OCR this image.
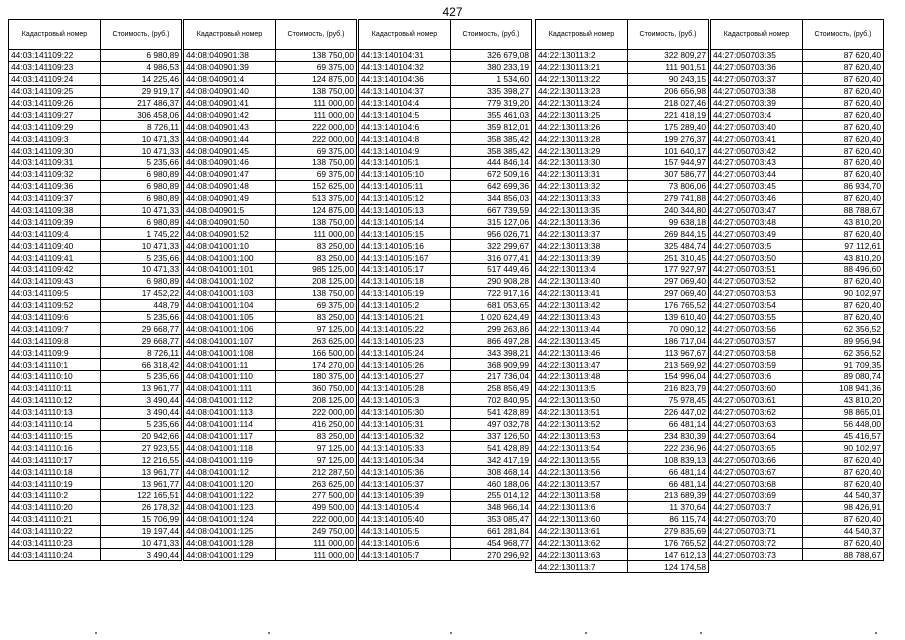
427
Кадастровый номер	Стоимость, (руб.)
44:03:141109:22	6 980,89
44:03:141109:23	4 986,53
44:03:141109:24	14 225,46
44:03:141109:25	29 919,17
44:03:141109:26	217 486,37
44:03:141109:27	306 458,06
44:03:141109:29	8 726,11
44:03:141109:3	10 471,33
44:03:141109:30	10 471,33
44:03:141109:31	5 235,66
44:03:141109:32	6 980,89
44:03:141109:36	6 980,89
44:03:141109:37	6 980,89
44:03:141109:38	10 471,33
44:03:141109:39	6 980,89
44:03:141109:4	1 745,22
44:03:141109:40	10 471,33
44:03:141109:41	5 235,66
44:03:141109:42	10 471,33
44:03:141109:43	6 980,89
44:03:141109:5	17 452,22
44:03:141109:52	448,79
44:03:141109:6	5 235,66
44:03:141109:7	29 668,77
44:03:141109:8	29 668,77
44:03:141109:9	8 726,11
44:03:141110:1	66 318,42
44:03:141110:10	5 235,66
44:03:141110:11	13 961,77
44:03:141110:12	3 490,44
44:03:141110:13	3 490,44
44:03:141110:14	5 235,66
44:03:141110:15	20 942,66
44:03:141110:16	27 923,55
44:03:141110:17	12 216,55
44:03:141110:18	13 961,77
44:03:141110:19	13 961,77
44:03:141110:2	122 165,51
44:03:141110:20	26 178,32
44:03:141110:21	15 706,99
44:03:141110:22	19 197,44
44:03:141110:23	10 471,33
44:03:141110:24	3 490,44
Кадастровый номер	Стоимость, (руб.)
44:08:040901:38	138 750,00
44:08:040901:39	69 375,00
44:08:040901:4	124 875,00
44:08:040901:40	138 750,00
44:08:040901:41	111 000,00
44:08:040901:42	111 000,00
44:08:040901:43	222 000,00
44:08:040901:44	222 000,00
44:08:040901:45	69 375,00
44:08:040901:46	138 750,00
44:08:040901:47	69 375,00
44:08:040901:48	152 625,00
44:08:040901:49	513 375,00
44:08:040901:5	124 875,00
44:08:040901:50	138 750,00
44:08:040901:52	111 000,00
44:08:041001:10	83 250,00
44:08:041001:100	83 250,00
44:08:041001:101	985 125,00
44:08:041001:102	208 125,00
44:08:041001:103	138 750,00
44:08:041001:104	69 375,00
44:08:041001:105	83 250,00
44:08:041001:106	97 125,00
44:08:041001:107	263 625,00
44:08:041001:108	166 500,00
44:08:041001:11	174 270,00
44:08:041001:110	180 375,00
44:08:041001:111	360 750,00
44:08:041001:112	208 125,00
44:08:041001:113	222 000,00
44:08:041001:114	416 250,00
44:08:041001:117	83 250,00
44:08:041001:118	97 125,00
44:08:041001:119	97 125,00
44:08:041001:12	212 287,50
44:08:041001:120	263 625,00
44:08:041001:122	277 500,00
44:08:041001:123	499 500,00
44:08:041001:124	222 000,00
44:08:041001:125	249 750,00
44:08:041001:128	111 000,00
44:08:041001:129	111 000,00
Кадастровый номер	Стоимость, (руб.)
44:13:140104:31	326 679,08
44:13:140104:32	380 233,19
44:13:140104:36	1 534,60
44:13:140104:37	335 398,27
44:13:140104:4	779 319,20
44:13:140104:5	355 461,03
44:13:140104:6	359 812,01
44:13:140104:8	358 385,42
44:13:140104:9	358 385,42
44:13:140105:1	444 846,14
44:13:140105:10	672 509,16
44:13:140105:11	642 699,36
44:13:140105:12	344 856,03
44:13:140105:13	667 739,59
44:13:140105:14	315 127,06
44:13:140105:15	956 026,71
44:13:140105:16	322 299,67
44:13:140105:167	316 077,41
44:13:140105:17	517 449,46
44:13:140105:18	290 908,28
44:13:140105:19	722 917,16
44:13:140105:2	681 053,65
44:13:140105:21	1 020 624,49
44:13:140105:22	299 263,86
44:13:140105:23	866 497,28
44:13:140105:24	343 398,21
44:13:140105:26	368 909,99
44:13:140105:27	217 736,04
44:13:140105:28	258 856,49
44:13:140105:3	702 840,95
44:13:140105:30	541 428,89
44:13:140105:31	497 032,78
44:13:140105:32	337 126,50
44:13:140105:33	541 428,89
44:13:140105:34	342 417,19
44:13:140105:36	308 468,14
44:13:140105:37	460 188,06
44:13:140105:39	255 014,12
44:13:140105:4	348 966,14
44:13:140105:40	353 085,47
44:13:140105:5	661 281,84
44:13:140105:6	454 968,77
44:13:140105:7	270 296,92
Кадастровый номер	Стоимость, (руб.)
44:22:130113:2	322 809,27
44:22:130113:21	111 901,51
44:22:130113:22	90 243,15
44:22:130113:23	206 656,98
44:22:130113:24	218 027,46
44:22:130113:25	221 418,19
44:22:130113:26	175 289,40
44:22:130113:28	199 276,37
44:22:130113:29	101 640,17
44:22:130113:30	157 944,97
44:22:130113:31	307 586,77
44:22:130113:32	73 806,06
44:22:130113:33	279 741,88
44:22:130113:35	240 344,80
44:22:130113:36	99 638,18
44:22:130113:37	269 844,15
44:22:130113:38	325 484,74
44:22:130113:39	251 310,45
44:22:130113:4	177 927,97
44:22:130113:40	297 069,40
44:22:130113:41	297 069,40
44:22:130113:42	176 765,52
44:22:130113:43	139 610,40
44:22:130113:44	70 090,12
44:22:130113:45	186 717,04
44:22:130113:46	113 967,67
44:22:130113:47	213 569,92
44:22:130113:48	154 996,04
44:22:130113:5	216 823,79
44:22:130113:50	75 978,45
44:22:130113:51	226 447,02
44:22:130113:52	66 481,14
44:22:130113:53	234 830,39
44:22:130113:54	222 236,96
44:22:130113:55	108 839,13
44:22:130113:56	66 481,14
44:22:130113:57	66 481,14
44:22:130113:58	213 689,39
44:22:130113:6	11 370,64
44:22:130113:60	86 115,74
44:22:130113:61	279 835,69
44:22:130113:62	176 765,52
44:22:130113:63	147 612,13
44:22:130113:7	124 174,58
Кадастровый номер	Стоимость, (руб.)
44:27:050703:35	87 620,40
44:27:050703:36	87 620,40
44:27:050703:37	87 620,40
44:27:050703:38	87 620,40
44:27:050703:39	87 620,40
44:27:050703:4	87 620,40
44:27:050703:40	87 620,40
44:27:050703:41	87 620,40
44:27:050703:42	87 620,40
44:27:050703:43	87 620,40
44:27:050703:44	87 620,40
44:27:050703:45	86 934,70
44:27:050703:46	87 620,40
44:27:050703:47	88 788,67
44:27:050703:48	43 810,20
44:27:050703:49	87 620,40
44:27:050703:5	97 112,61
44:27:050703:50	43 810,20
44:27:050703:51	88 496,60
44:27:050703:52	87 620,40
44:27:050703:53	90 102,97
44:27:050703:54	87 620,40
44:27:050703:55	87 620,40
44:27:050703:56	62 356,52
44:27:050703:57	89 956,94
44:27:050703:58	62 356,52
44:27:050703:59	91 709,35
44:27:050703:6	89 080,74
44:27:050703:60	108 941,36
44:27:050703:61	43 810,20
44:27:050703:62	98 865,01
44:27:050703:63	56 448,00
44:27:050703:64	45 416,57
44:27:050703:65	90 102,97
44:27:050703:66	87 620,40
44:27:050703:67	87 620,40
44:27:050703:68	87 620,40
44:27:050703:69	44 540,37
44:27:050703:7	98 426,91
44:27:050703:70	87 620,40
44:27:050703:71	44 540,37
44:27:050703:72	87 620,40
44:27:050703:73	88 788,67
